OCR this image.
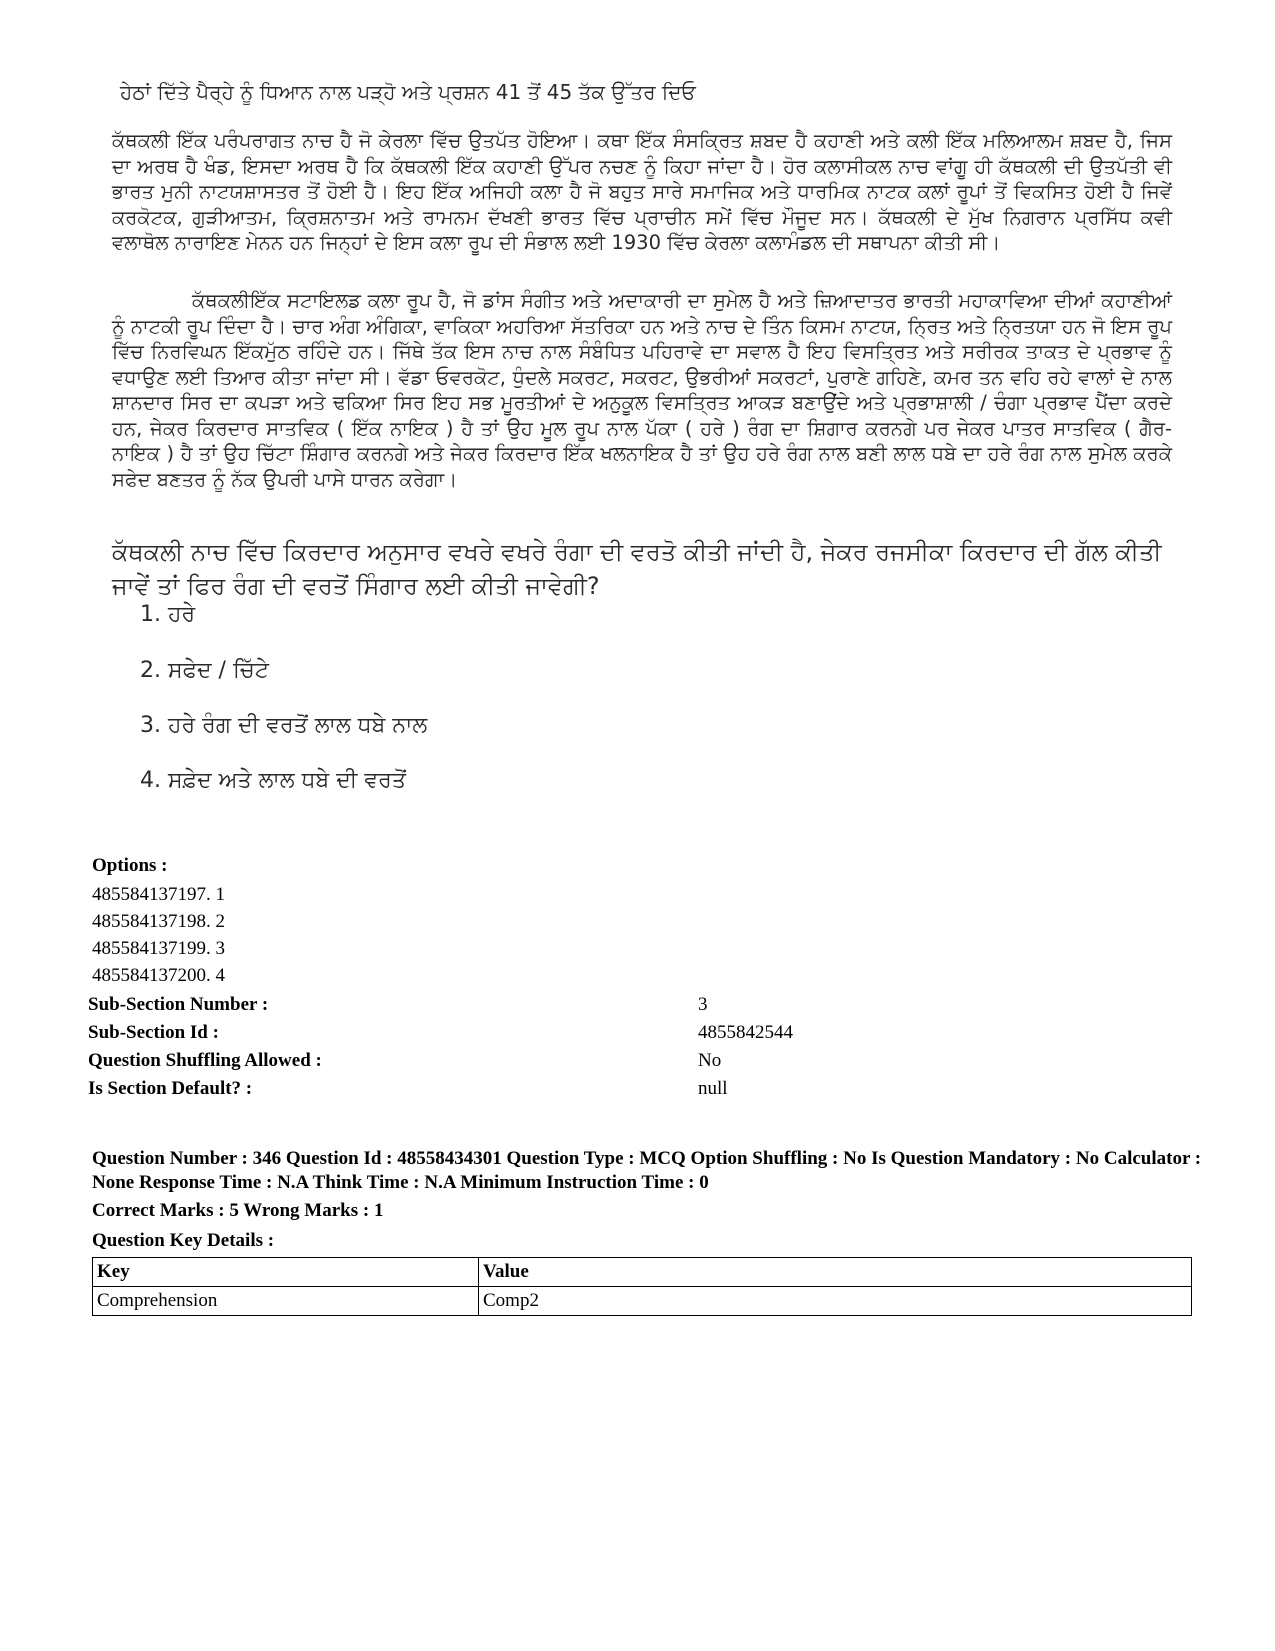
ਹੇਠਾਂ ਦਿੱਤੇ ਪੈਰ੍ਹੇ ਨੂੰ ਧਿਆਨ ਨਾਲ ਪੜ੍ਹੋ ਅਤੇ ਪ੍ਰਸ਼ਨ 41 ਤੋਂ 45 ਤੱਕ ਉੱਤਰ ਦਿਓ
ਕੱਥਕਲੀ ਇੱਕ ਪਰੰਪਰਾਗਤ ਨਾਚ ਹੈ ਜੋ ਕੇਰਲਾ ਵਿੱਚ ਉਤਪੱਤ ਹੋਇਆ। ਕਥਾ ਇੱਕ ਸੰਸਕ੍ਰਿਤ ਸ਼ਬਦ ਹੈ ਕਹਾਣੀ ਅਤੇ ਕਲੀ ਇੱਕ ਮਲਿਆਲਮ ਸ਼ਬਦ ਹੈ, ਜਿਸ ਦਾ ਅਰਥ ਹੈ ਖੰਡ, ਇਸਦਾ ਅਰਥ ਹੈ ਕਿ ਕੱਥਕਲੀ ਇੱਕ ਕਹਾਣੀ ਉੱਪਰ ਨਚਣ ਨੂੰ ਕਿਹਾ ਜਾਂਦਾ ਹੈ। ਹੋਰ ਕਲਾਸੀਕਲ ਨਾਚ ਵਾਂਗੂ ਹੀ ਕੱਥਕਲੀ ਦੀ ਉਤਪੱਤੀ ਵੀ ਭਾਰਤ ਮੁਨੀ ਨਾਟਯਸ਼ਾਸਤਰ ਤੋਂ ਹੋਈ ਹੈ। ਇਹ ਇੱਕ ਅਜਿਹੀ ਕਲਾ ਹੈ ਜੋ ਬਹੁਤ ਸਾਰੇ ਸਮਾਜਿਕ ਅਤੇ ਧਾਰਮਿਕ ਨਾਟਕ ਕਲਾਂ ਰੂਪਾਂ ਤੋਂ ਵਿਕਸਿਤ ਹੋਈ ਹੈ ਜਿਵੇਂ ਕਰਕੋਟਕ, ਗੁੜੀਆਤਮ, ਕ੍ਰਿਸ਼ਨਾਤਮ ਅਤੇ ਰਾਮਨਮ ਦੱਖਣੀ ਭਾਰਤ ਵਿੱਚ ਪ੍ਰਾਚੀਨ ਸਮੇਂ ਵਿੱਚ ਮੌਜੂਦ ਸਨ। ਕੱਥਕਲੀ ਦੇ ਮੁੱਖ ਨਿਗਰਾਨ ਪ੍ਰਸਿੱਧ ਕਵੀ ਵਲਾਥੋਲ ਨਾਰਾਇਣ ਮੇਨਨ ਹਨ ਜਿਨ੍ਹਾਂ ਦੇ ਇਸ ਕਲਾ ਰੂਪ ਦੀ ਸੰਭਾਲ ਲਈ 1930 ਵਿੱਚ ਕੇਰਲਾ ਕਲਾਮੰਡਲ ਦੀ ਸਥਾਪਨਾ ਕੀਤੀ ਸੀ।
ਕੱਥਕਲੀਇੱਕ ਸਟਾਇਲਡ ਕਲਾ ਰੂਪ ਹੈ, ਜੋ ਡਾਂਸ ਸੰਗੀਤ ਅਤੇ ਅਦਾਕਾਰੀ ਦਾ ਸੁਮੇਲ ਹੈ ਅਤੇ ਜ਼ਿਆਦਾਤਰ ਭਾਰਤੀ ਮਹਾਕਾਵਿਆ ਦੀਆਂ ਕਹਾਣੀਆਂ ਨੂੰ ਨਾਟਕੀ ਰੂਪ ਦਿੰਦਾ ਹੈ। ਚਾਰ ਅੰਗ ਅੰਗਿਕਾ, ਵਾਕਿਕਾ ਅਹਰਿਆ ਸੱਤਰਿਕਾ ਹਨ ਅਤੇ ਨਾਚ ਦੇ ਤਿੰਨ ਕਿਸਮ ਨਾਟਯ, ਨ੍ਰਿਤ ਅਤੇ ਨ੍ਰਿਤਯਾ ਹਨ ਜੋ ਇਸ ਰੂਪ ਵਿੱਚ ਨਿਰਵਿਘਨ ਇੱਕਮੁੱਠ ਰਹਿੰਦੇ ਹਨ। ਜਿੱਥੇ ਤੱਕ ਇਸ ਨਾਚ ਨਾਲ ਸੰਬੰਧਿਤ ਪਹਿਰਾਵੇ ਦਾ ਸਵਾਲ ਹੈ ਇਹ ਵਿਸਤ੍ਰਿਤ ਅਤੇ ਸਰੀਰਕ ਤਾਕਤ ਦੇ ਪ੍ਰਭਾਵ ਨੂੰ ਵਧਾਉਣ ਲਈ ਤਿਆਰ ਕੀਤਾ ਜਾਂਦਾ ਸੀ। ਵੱਡਾ ਓਵਰਕੋਟ, ਧੁੰਦਲੇ ਸਕਰਟ, ਸਕਰਟ, ਉਭਰੀਆਂ ਸਕਰਟਾਂ, ਪੁਰਾਣੇ ਗਹਿਣੇ, ਕਮਰ ਤਨ ਵਹਿ ਰਹੇ ਵਾਲਾਂ ਦੇ ਨਾਲ ਸ਼ਾਨਦਾਰ ਸਿਰ ਦਾ ਕਪੜਾ ਅਤੇ ਢਕਿਆ ਸਿਰ ਇਹ ਸਭ ਮੂਰਤੀਆਂ ਦੇ ਅਨੁਕੂਲ ਵਿਸਤ੍ਰਿਤ ਆਕੜ ਬਣਾਉਂਦੇ ਅਤੇ ਪ੍ਰਭਾਸ਼ਾਲੀ / ਚੰਗਾ ਪ੍ਰਭਾਵ ਪੈਂਦਾ ਕਰਦੇ ਹਨ, ਜੇਕਰ ਕਿਰਦਾਰ ਸਾਤਵਿਕ ( ਇੱਕ ਨਾਇਕ ) ਹੈ ਤਾਂ ਉਹ ਮੂਲ ਰੂਪ ਨਾਲ ਪੱਕਾ ( ਹਰੇ ) ਰੰਗ ਦਾ ਸ਼ਿਗਾਰ ਕਰਨਗੇ ਪਰ ਜੇਕਰ ਪਾਤਰ ਸਾਤਵਿਕ ( ਗੈਰ-ਨਾਇਕ ) ਹੈ ਤਾਂ ਉਹ ਚਿੱਟਾ ਸ਼ਿੰਗਾਰ ਕਰਨਗੇ ਅਤੇ ਜੇਕਰ ਕਿਰਦਾਰ ਇੱਕ ਖਲਨਾਇਕ ਹੈ ਤਾਂ ਉਹ ਹਰੇ ਰੰਗ ਨਾਲ ਬਣੀ ਲਾਲ ਧਬੇ ਦਾ ਹਰੇ ਰੰਗ ਨਾਲ ਸੁਮੇਲ ਕਰਕੇ ਸਫੇਦ ਬਣਤਰ ਨੂੰ ਨੱਕ ਉਪਰੀ ਪਾਸੇ ਧਾਰਨ ਕਰੇਗਾ।
ਕੱਥਕਲੀ ਨਾਚ ਵਿੱਚ ਕਿਰਦਾਰ ਅਨੁਸਾਰ ਵਖਰੇ ਵਖਰੇ ਰੰਗਾ ਦੀ ਵਰਤੋ ਕੀਤੀ ਜਾਂਦੀ ਹੈ, ਜੇਕਰ ਰਜਸੀਕਾ ਕਿਰਦਾਰ ਦੀ ਗੱਲ ਕੀਤੀ ਜਾਵੇਂ ਤਾਂ ਫਿਰ ਰੰਗ ਦੀ ਵਰਤੋਂ ਸਿੰਗਾਰ ਲਈ ਕੀਤੀ ਜਾਵੇਗੀ?
1. ਹਰੇ
2. ਸਫੇਦ / ਚਿੱਟੇ
3. ਹਰੇ ਰੰਗ ਦੀ ਵਰਤੋਂ ਲਾਲ ਧਬੇ ਨਾਲ
4. ਸਫ਼ੇਦ ਅਤੇ ਲਾਲ ਧਬੇ ਦੀ ਵਰਤੋਂ
Options :
485584137197. 1
485584137198. 2
485584137199. 3
485584137200. 4
Sub-Section Number :	3
Sub-Section Id :	4855842544
Question Shuffling Allowed :	No
Is Section Default? :	null
Question Number : 346 Question Id : 48558434301 Question Type : MCQ Option Shuffling : No Is Question Mandatory : No Calculator : None Response Time : N.A Think Time : N.A Minimum Instruction Time : 0
Correct Marks : 5 Wrong Marks : 1
Question Key Details :
Key	Value
Comprehension	Comp2
